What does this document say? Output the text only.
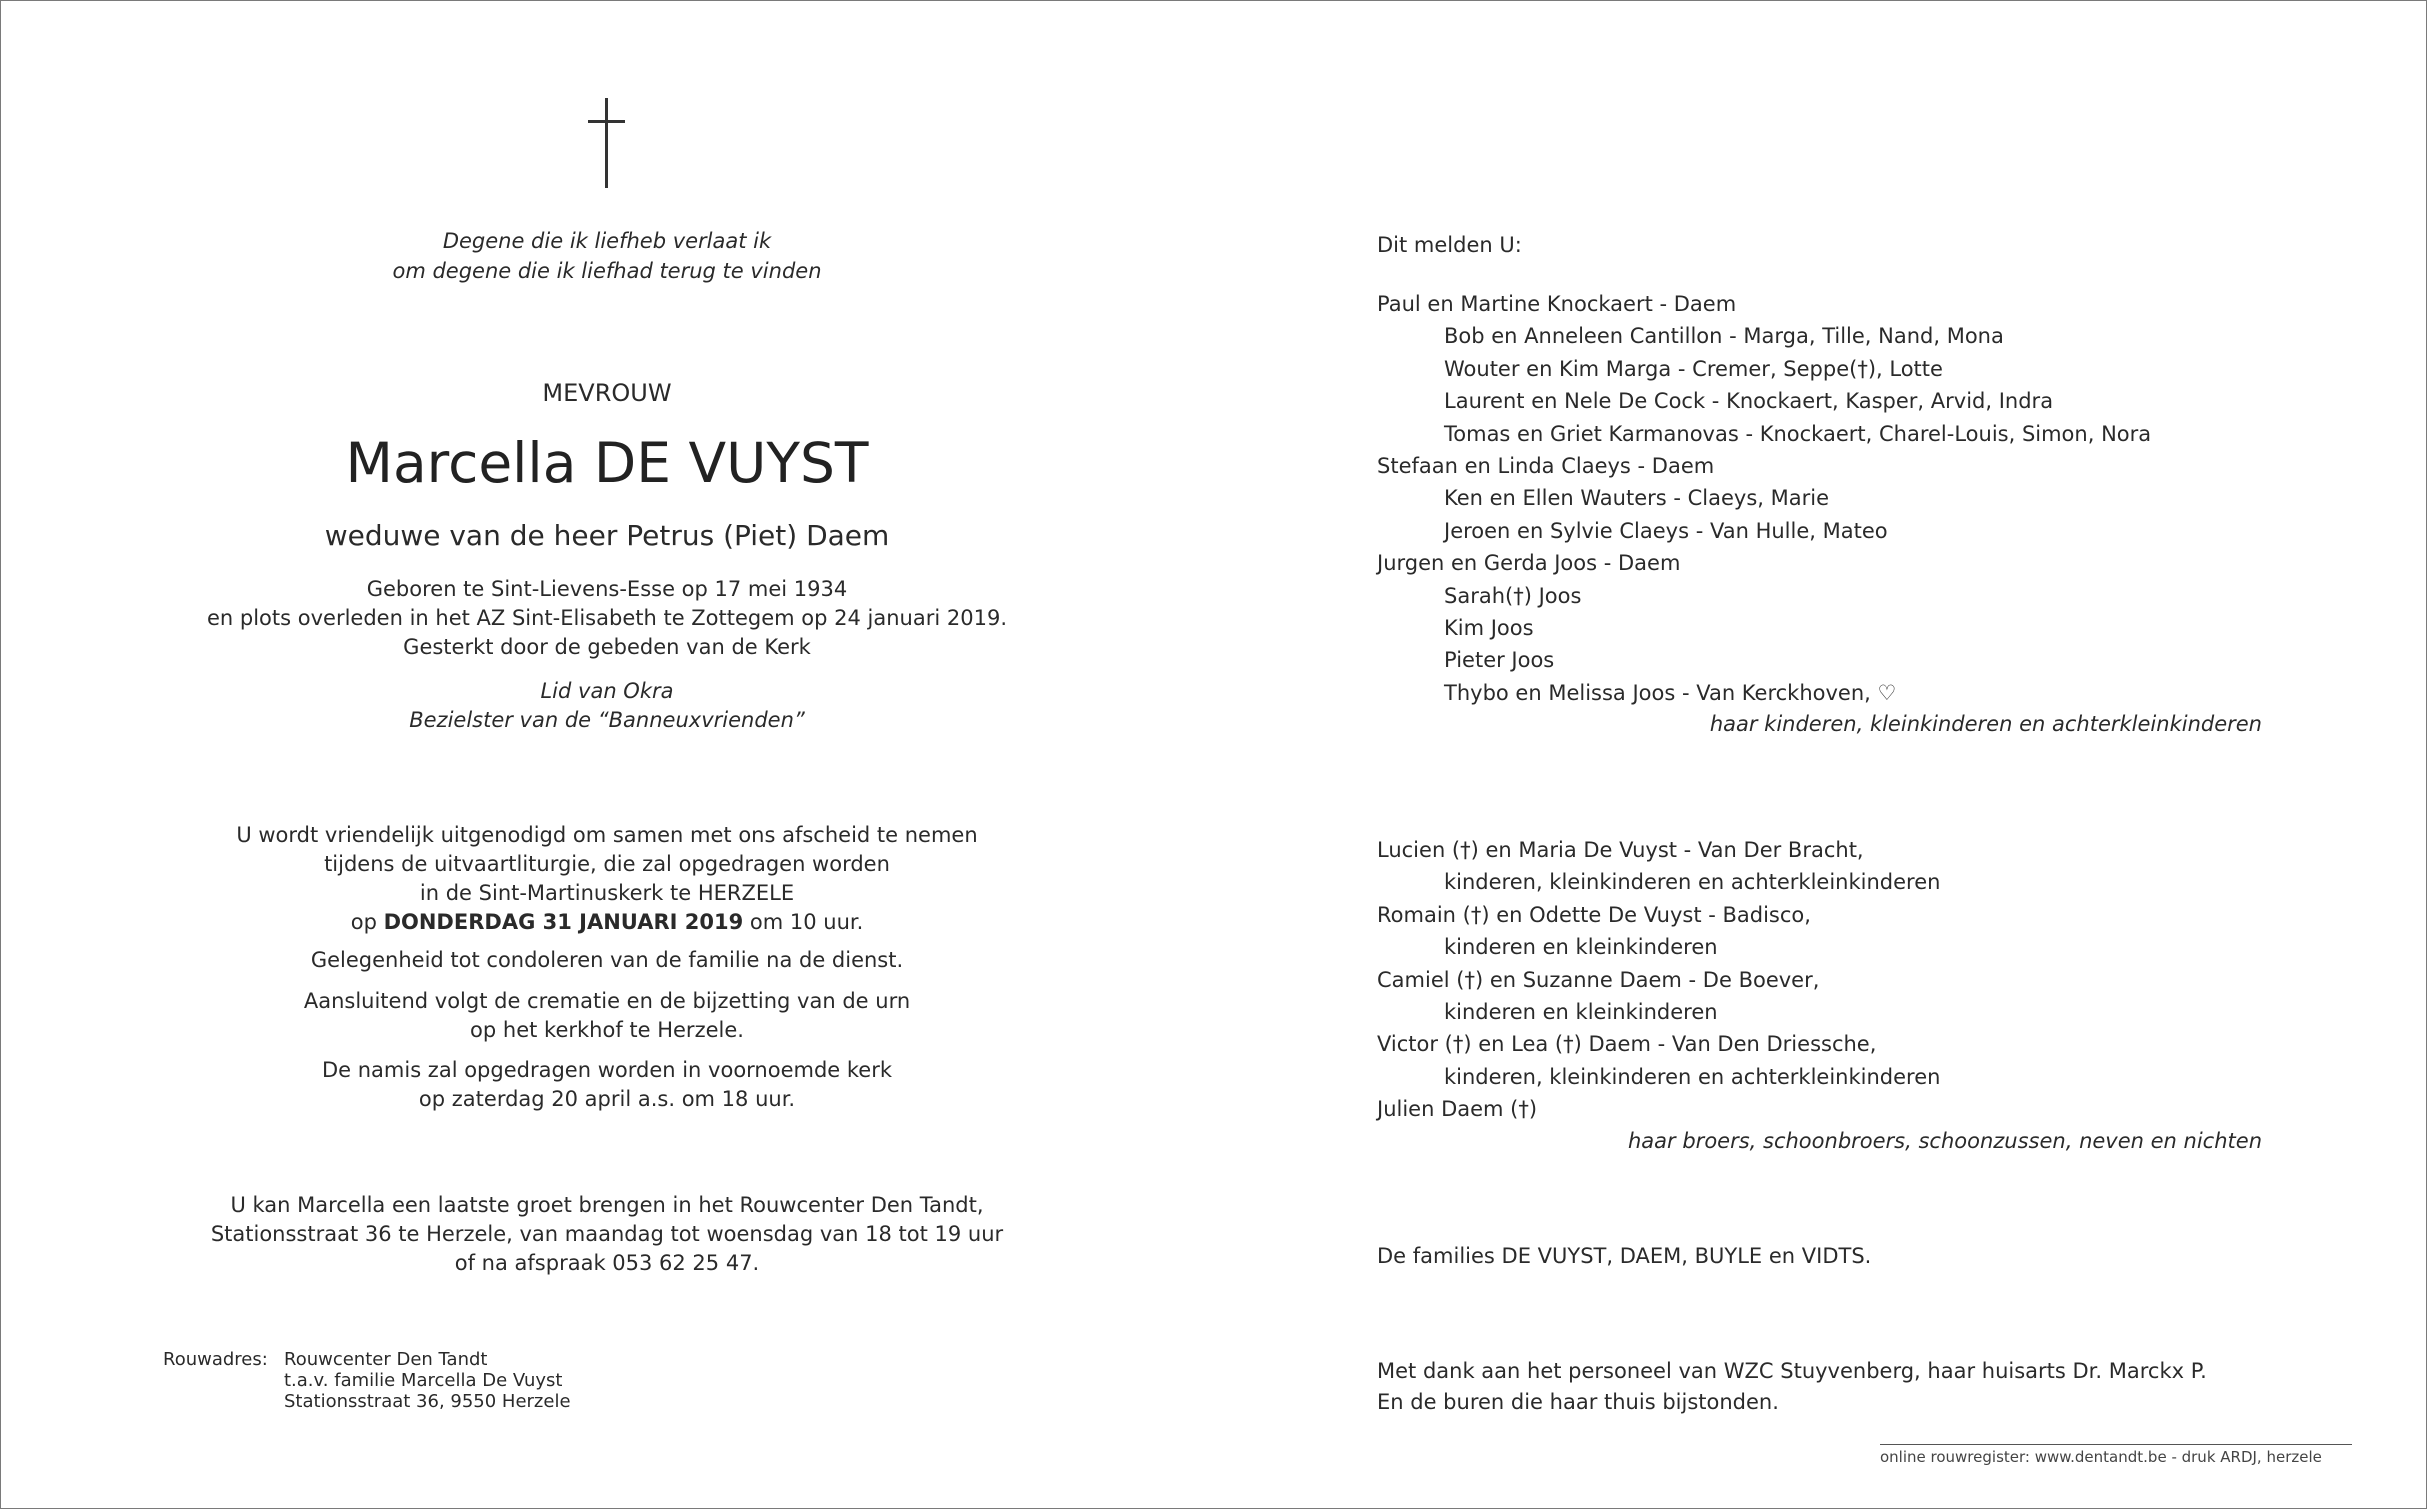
Degene die ik liefheb verlaat ik
om degene die ik liefhad terug te vinden
MEVROUW
Marcella DE VUYST
weduwe van de heer Petrus (Piet) Daem
Geboren te Sint-Lievens-Esse op 17 mei 1934
en plots overleden in het AZ Sint-Elisabeth te Zottegem op 24 januari 2019.
Gesterkt door de gebeden van de Kerk
Lid van Okra
Bezielster van de “Banneuxvrienden”
U wordt vriendelijk uitgenodigd om samen met ons afscheid te nemen
tijdens de uitvaartliturgie, die zal opgedragen worden
in de Sint-Martinuskerk te HERZELE
op DONDERDAG 31 JANUARI 2019 om 10 uur.
Gelegenheid tot condoleren van de familie na de dienst.
Aansluitend volgt de crematie en de bijzetting van de urn
op het kerkhof te Herzele.
De namis zal opgedragen worden in voornoemde kerk
op zaterdag 20 april a.s. om 18 uur.
U kan Marcella een laatste groet brengen in het Rouwcenter Den Tandt,
Stationsstraat 36 te Herzele, van maandag tot woensdag van 18 tot 19 uur
of na afspraak 053 62 25 47.
Rouwadres: Rouwcenter Den Tandt
t.a.v. familie Marcella De Vuyst
Stationsstraat 36, 9550 Herzele
Dit melden U:
Paul en Martine Knockaert - Daem
Bob en Anneleen Cantillon - Marga, Tille, Nand, Mona
Wouter en Kim Marga - Cremer, Seppe(†), Lotte
Laurent en Nele De Cock - Knockaert, Kasper, Arvid, Indra
Tomas en Griet Karmanovas - Knockaert, Charel-Louis, Simon, Nora
Stefaan en Linda Claeys - Daem
Ken en Ellen Wauters - Claeys, Marie
Jeroen en Sylvie Claeys - Van Hulle, Mateo
Jurgen en Gerda Joos - Daem
Sarah(†) Joos
Kim Joos
Pieter Joos
Thybo en Melissa Joos - Van Kerckhoven, ♡
haar kinderen, kleinkinderen en achterkleinkinderen
Lucien (†) en Maria De Vuyst - Van Der Bracht,
kinderen, kleinkinderen en achterkleinkinderen
Romain (†) en Odette De Vuyst - Badisco,
kinderen en kleinkinderen
Camiel (†) en Suzanne Daem - De Boever,
kinderen en kleinkinderen
Victor (†) en Lea (†) Daem - Van Den Driessche,
kinderen, kleinkinderen en achterkleinkinderen
Julien Daem (†)
haar broers, schoonbroers, schoonzussen, neven en nichten
De families DE VUYST, DAEM, BUYLE en VIDTS.
Met dank aan het personeel van WZC Stuyvenberg, haar huisarts Dr. Marckx P.
En de buren die haar thuis bijstonden.
online rouwregister: www.dentandt.be - druk ARDJ, herzele
